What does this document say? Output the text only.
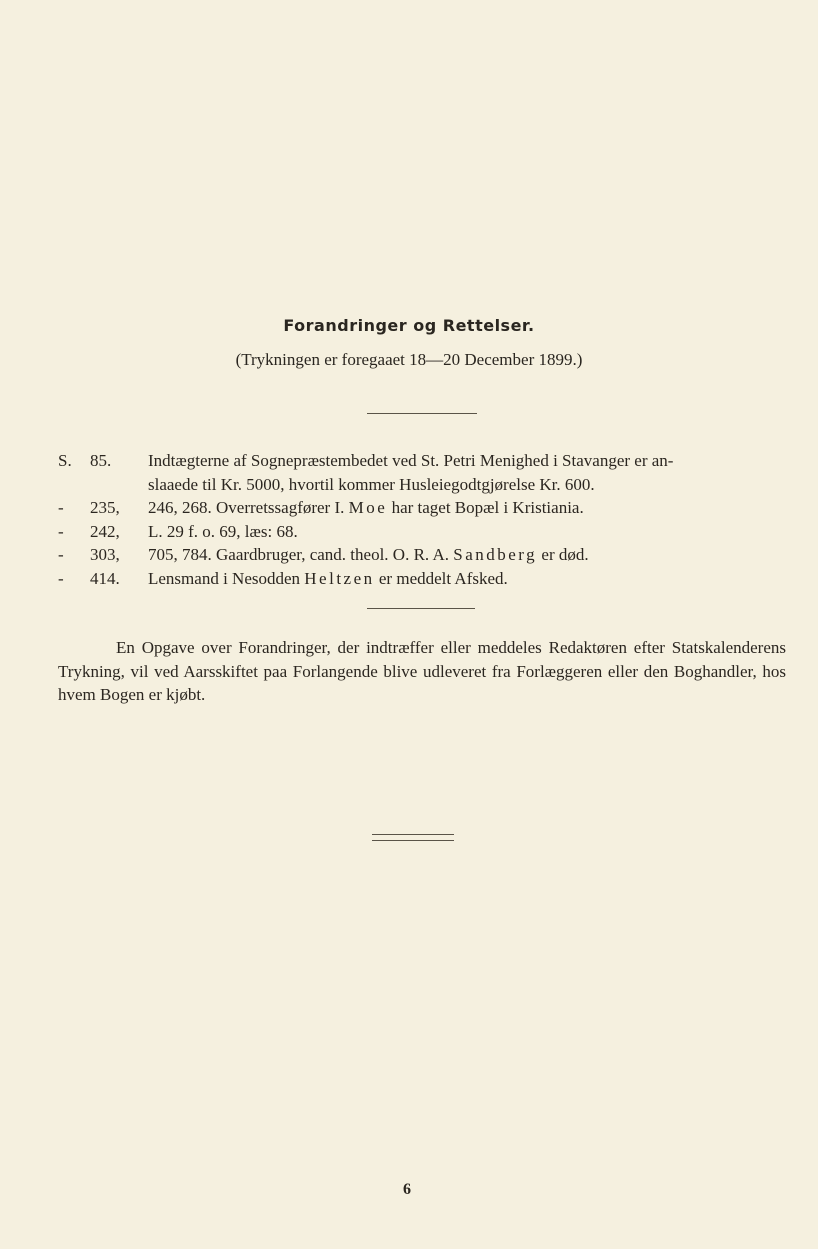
Forandringer og Rettelser.
(Trykningen er foregaaet 18—20 December 1899.)
S.	85.	Indtægterne af Sognepræstembedet ved St. Petri Menighed i Stavanger er an-
slaaede til Kr. 5000, hvortil kommer Husleiegodtgjørelse Kr. 600.
-	235,	246, 268. Overretssagfører I. Moe har taget Bopæl i Kristiania.
-	242,	L. 29 f. o. 69, læs: 68.
-	303,	705, 784. Gaardbruger, cand. theol. O. R. A. Sandberg er død.
-	414.	Lensmand i Nesodden Heltzen er meddelt Afsked.
En Opgave over Forandringer, der indtræffer eller meddeles Redaktøren efter Statskalenderens Trykning, vil ved Aarsskiftet paa Forlangende blive udleveret fra Forlæggeren eller den Boghandler, hos hvem Bogen er kjøbt.
6
